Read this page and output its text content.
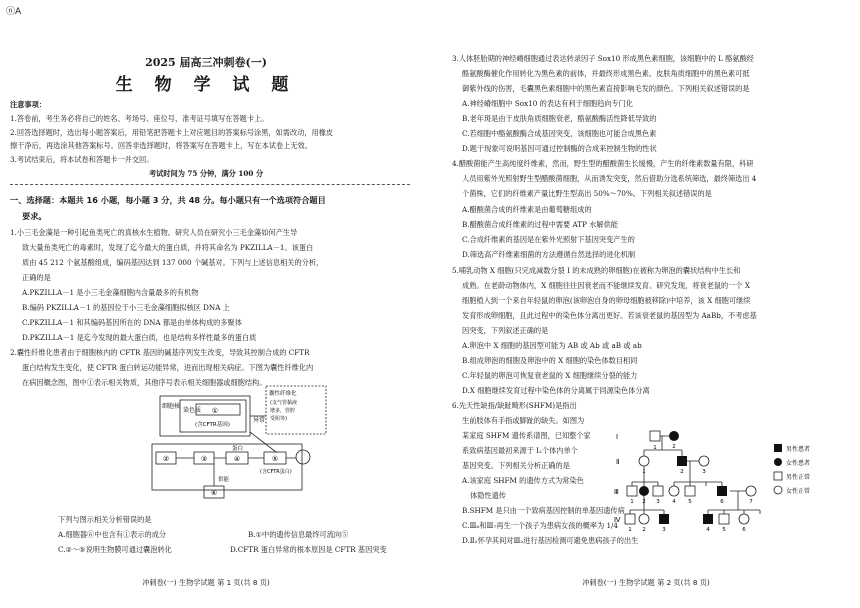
ⓝA
2025 届高三冲刺卷(一)
生 物 学 试 题
注意事项：
1.答卷前，考生务必将自己的姓名、考场号、座位号、准考证号填写在答题卡上。
2.回答选择题时，选出每小题答案后，用铅笔把答题卡上对应题目的答案标号涂黑，如需改动，用橡皮
擦干净后，再选涂其他答案标号。回答非选择题时，将答案写在答题卡上，写在本试卷上无效。
3.考试结束后，将本试卷和答题卡一并交回。
考试时间为 75 分钟，满分 100 分
一、选择题：本题共 16 小题，每小题 3 分，共 48 分。每小题只有一个选项符合题目
要求。
1.小三毛金藻是一种引起鱼类死亡的真核水生植物。研究人员在研究小三毛金藻如何产生导
致大量鱼类死亡的毒素时，发现了迄今最大的蛋白质，并将其命名为 PKZILLA－1。该蛋白
质由 45 212 个氨基酸组成，编码基因达到 137 000 个碱基对。下列与上述信息相关的分析，
正确的是
A.PKZILLA－1 是小三毛金藻细胞内含量最多的有机物
B.编码 PKZILLA－1 的基因位于小三毛金藻细胞拟核区 DNA 上
C.PKZILLA－1 和其编码基因所在的 DNA 都是由单体构成的多聚体
D.PKZILLA－1 是迄今发现的最大蛋白质，也是结构多样性最多的蛋白质
2.囊性纤维化患者由于细胞核内的 CFTR 基因的碱基序列发生改变，导致其控制合成的 CFTR
蛋白结构发生变化，使 CFTR 蛋白转运功能异常，进而出现相关病症。下图为囊性纤维化内
在病因概念图，图中①表示相关物质，其他序号表示相关细胞器或细胞结构。
细胞核
染色质 ①
(含CFTR基因)
异常
囊性纤维化
(支气管黏液
增多，管腔
受阻等)
②	③	④	⑤
蛋白
(含CFTR蛋白)
供能
⑥
下列与图示相关分析错误的是
A.细胞器⑥中也含有①表示的成分	B.①中的遗传信息最终可流向⑤
C.②～⑤说明生物膜可通过囊泡转化	D.CFTR 蛋白异常的根本原因是 CFTR 基因突变
冲刺卷(一) 生物学试题 第 1 页(共 8 页)
3.人体胚胎期的神经嵴细胞通过表达转录因子 Sox10 形成黑色素细胞，该细胞中的 L 酪氨酸经
酪氨酸酶催化作用转化为黑色素的前体，并最终形成黑色素。皮肤角质细胞中的黑色素可抵
御紫外线的伤害，毛囊黑色素细胞中的黑色素直接影响毛发的颜色。下列相关叙述错误的是
A.神经嵴细胞中 Sox10 的表达有利于细胞趋向专门化
B.老年斑是由于皮肤角质细胞衰老，酪氨酸酶活性降低导致的
C.若细胞中酪氨酸酶合成基因突变，该细胞也可能合成黑色素
D.题干现象可说明基因可通过控制酶的合成来控制生物的性状
4.醋酸菌能产生高纯度纤维素，然而，野生型的醋酸菌生长缓慢，产生的纤维素数量有限，科研
人员用紫外光照射野生型醋酸菌细胞，从而诱发突变，然后借助分选系统筛选，最终筛选出 4
个菌株，它们的纤维素产量比野生型高出 50%～70%。下列相关叙述错误的是
A.醋酸菌合成的纤维素是由葡萄糖组成的
B.醋酸菌合成纤维素的过程中需要 ATP 水解供能
C.合成纤维素的基因是在紫外光照射下基因突变产生的
D.筛选高产纤维素细菌的方法遵循自然选择的进化机制
5.哺乳动物 X 细胞(只完成减数分裂 I 的未成熟的卵细胞)在被称为卵泡的囊状结构中生长和
成熟。在老龄动物体内，X 细胞往往因衰老而不能继续发育。研究发现，将衰老鼠的一个 X
细胞植入到一个来自年轻鼠的卵泡(该卵泡自身的卵母细胞被移除)中培养，该 X 细胞可继续
发育形成卵细胞，且此过程中的染色体分离出更好。若该衰老鼠的基因型为 AaBb，不考虑基
因突变，下列叙述正确的是
A.卵泡中 X 细胞的基因型可能为 AB 或 Ab 或 aB 或 ab
B.组成卵泡的细胞及卵泡中的 X 细胞的染色体数目相同
C.年轻鼠的卵泡可恢复衰老鼠的 X 细胞继续分裂的能力
D.X 细胞继续发育过程中染色体的分离属于同源染色体分离
6.先天性缺指/缺趾畸形(SHFM)是指出
生前肢体有手指或脚趾的缺失。如图为
某家庭 SHFM 遗传系谱图，已知整个家
系致病基因最初来源于 I₂个体内单个
基因突变。下列相关分析正确的是
A.该家庭 SHFM 的遗传方式为常染色
体隐性遗传
B.SHFM 是只由一个致病基因控制的单基因遗传病
C.Ⅲ₆和Ⅲ₇再生一个孩子为患病女孩的概率为 1/4
D.Ⅱ₂怀孕其间对Ⅲ₂进行基因检测可避免患病孩子的出生
冲刺卷(一) 生物学试题 第 2 页(共 8 页)
Ⅰ
Ⅱ
Ⅲ
Ⅳ
1	2
1	2	3
1 2 3 4 5	6	7
1 2	3	4 5	6
男性患者
女性患者
男性正常
女性正常
